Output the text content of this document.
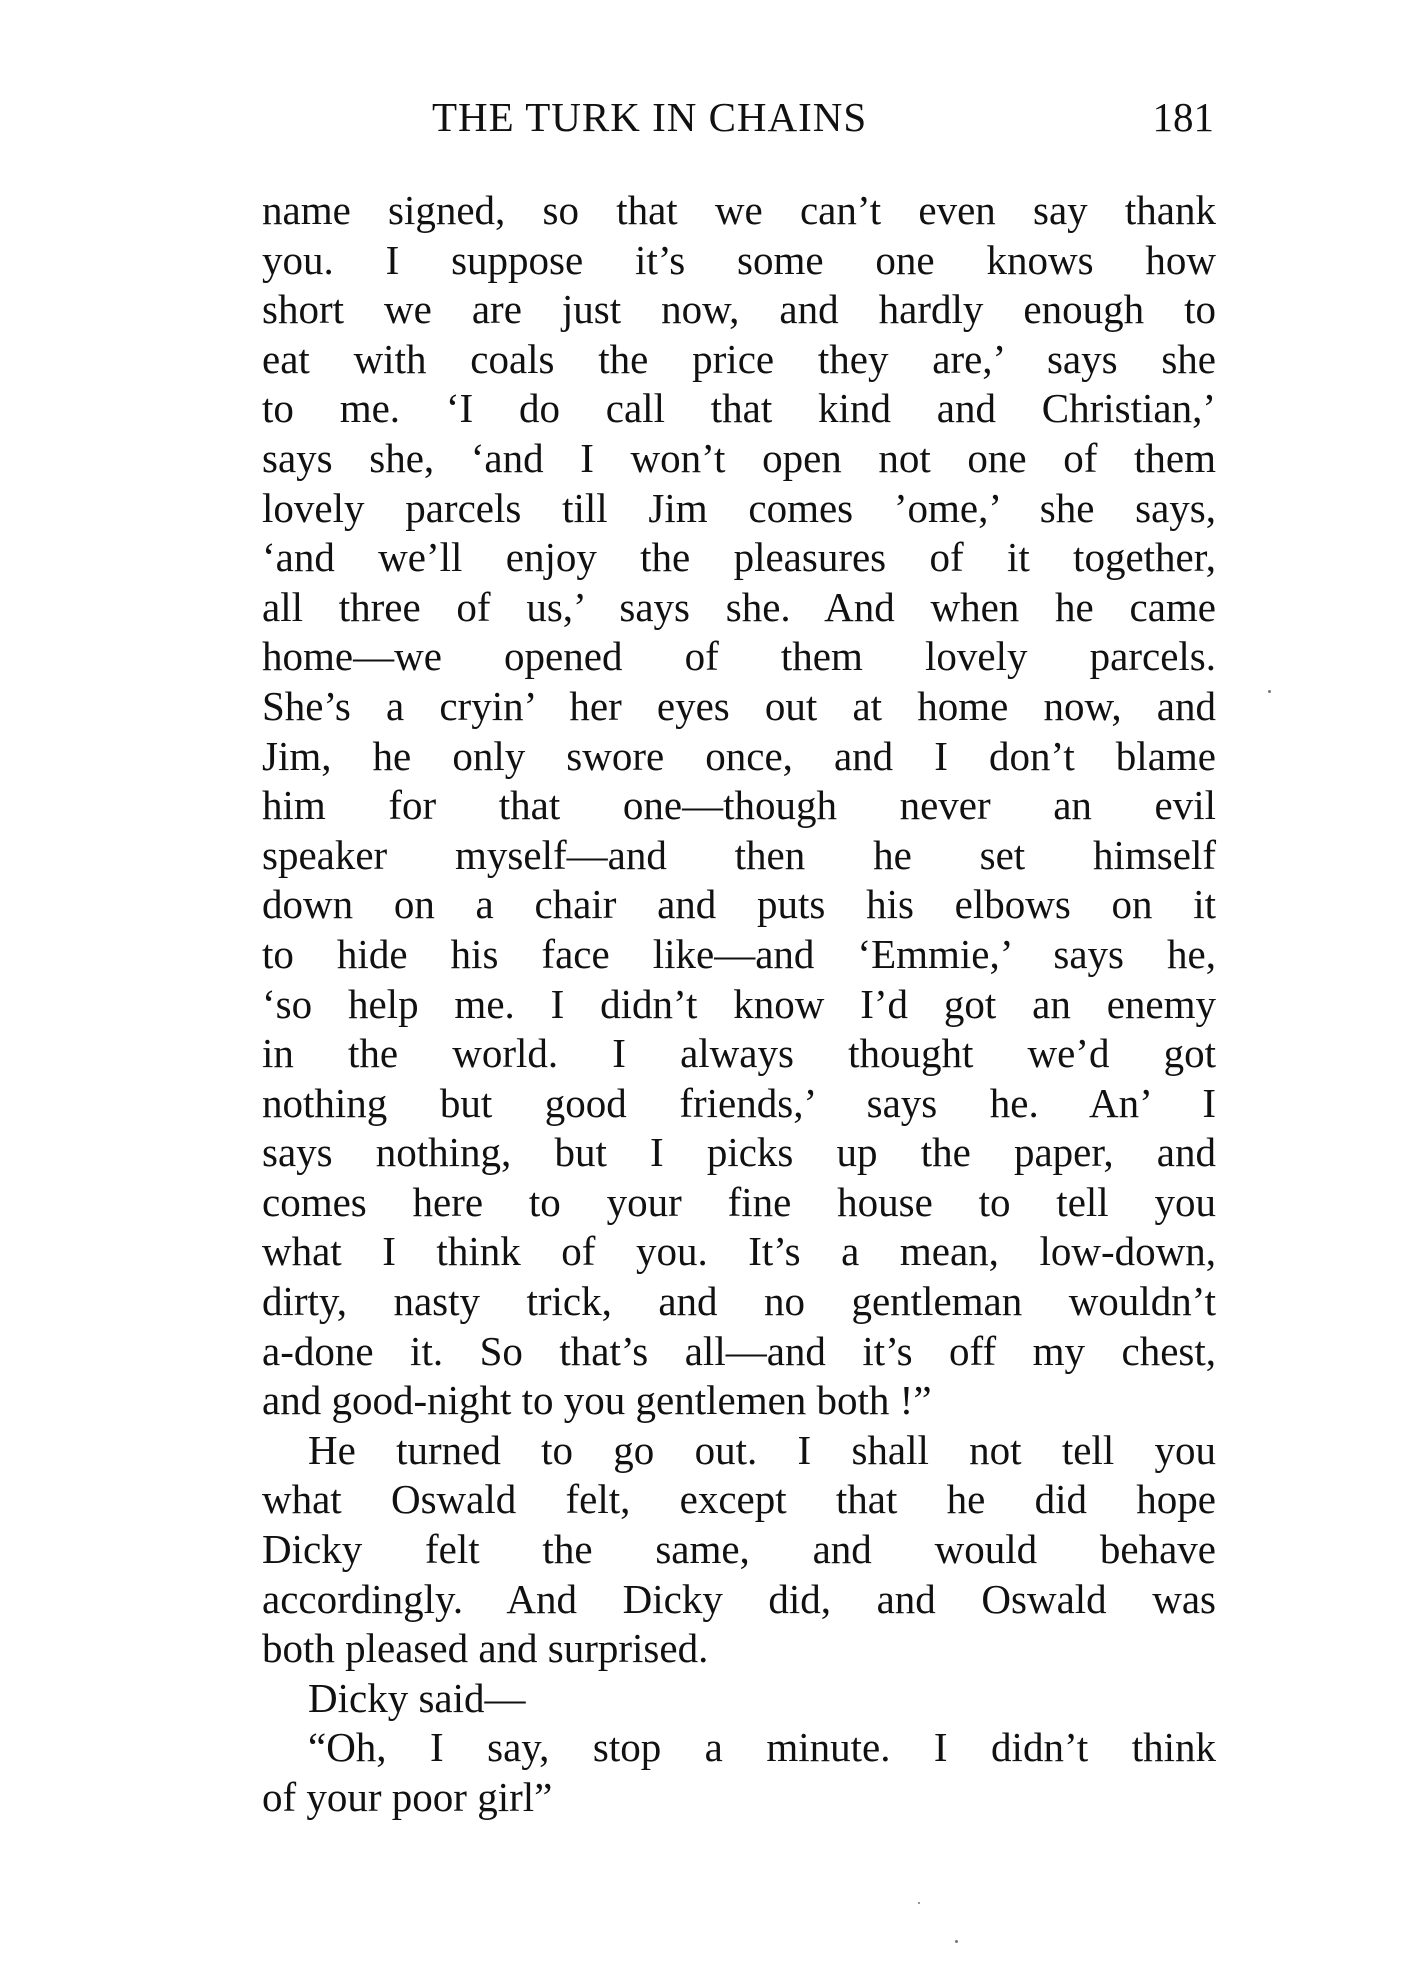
THE TURK IN CHAINS	181
name signed, so that we can’t even say thank
you. I suppose it’s some one knows how
short we are just now, and hardly enough to
eat with coals the price they are,’ says she
to me. ‘I do call that kind and Christian,’
says she, ‘and I won’t open not one of them
lovely parcels till Jim comes ’ome,’ she says,
‘and we’ll enjoy the pleasures of it together,
all three of us,’ says she. And when he came
home—we opened of them lovely parcels.
She’s a cryin’ her eyes out at home now, and
Jim, he only swore once, and I don’t blame
him for that one—though never an evil
speaker myself—and then he set himself
down on a chair and puts his elbows on it
to hide his face like—and ‘Emmie,’ says he,
‘so help me. I didn’t know I’d got an enemy
in the world. I always thought we’d got
nothing but good friends,’ says he. An’ I
says nothing, but I picks up the paper, and
comes here to your fine house to tell you
what I think of you. It’s a mean, low-down,
dirty, nasty trick, and no gentleman wouldn’t
a-done it. So that’s all—and it’s off my chest,
and good-night to you gentlemen both !”
He turned to go out. I shall not tell you
what Oswald felt, except that he did hope
Dicky felt the same, and would behave
accordingly. And Dicky did, and Oswald was
both pleased and surprised.
Dicky said—
“Oh, I say, stop a minute. I didn’t think
of your poor girl”
